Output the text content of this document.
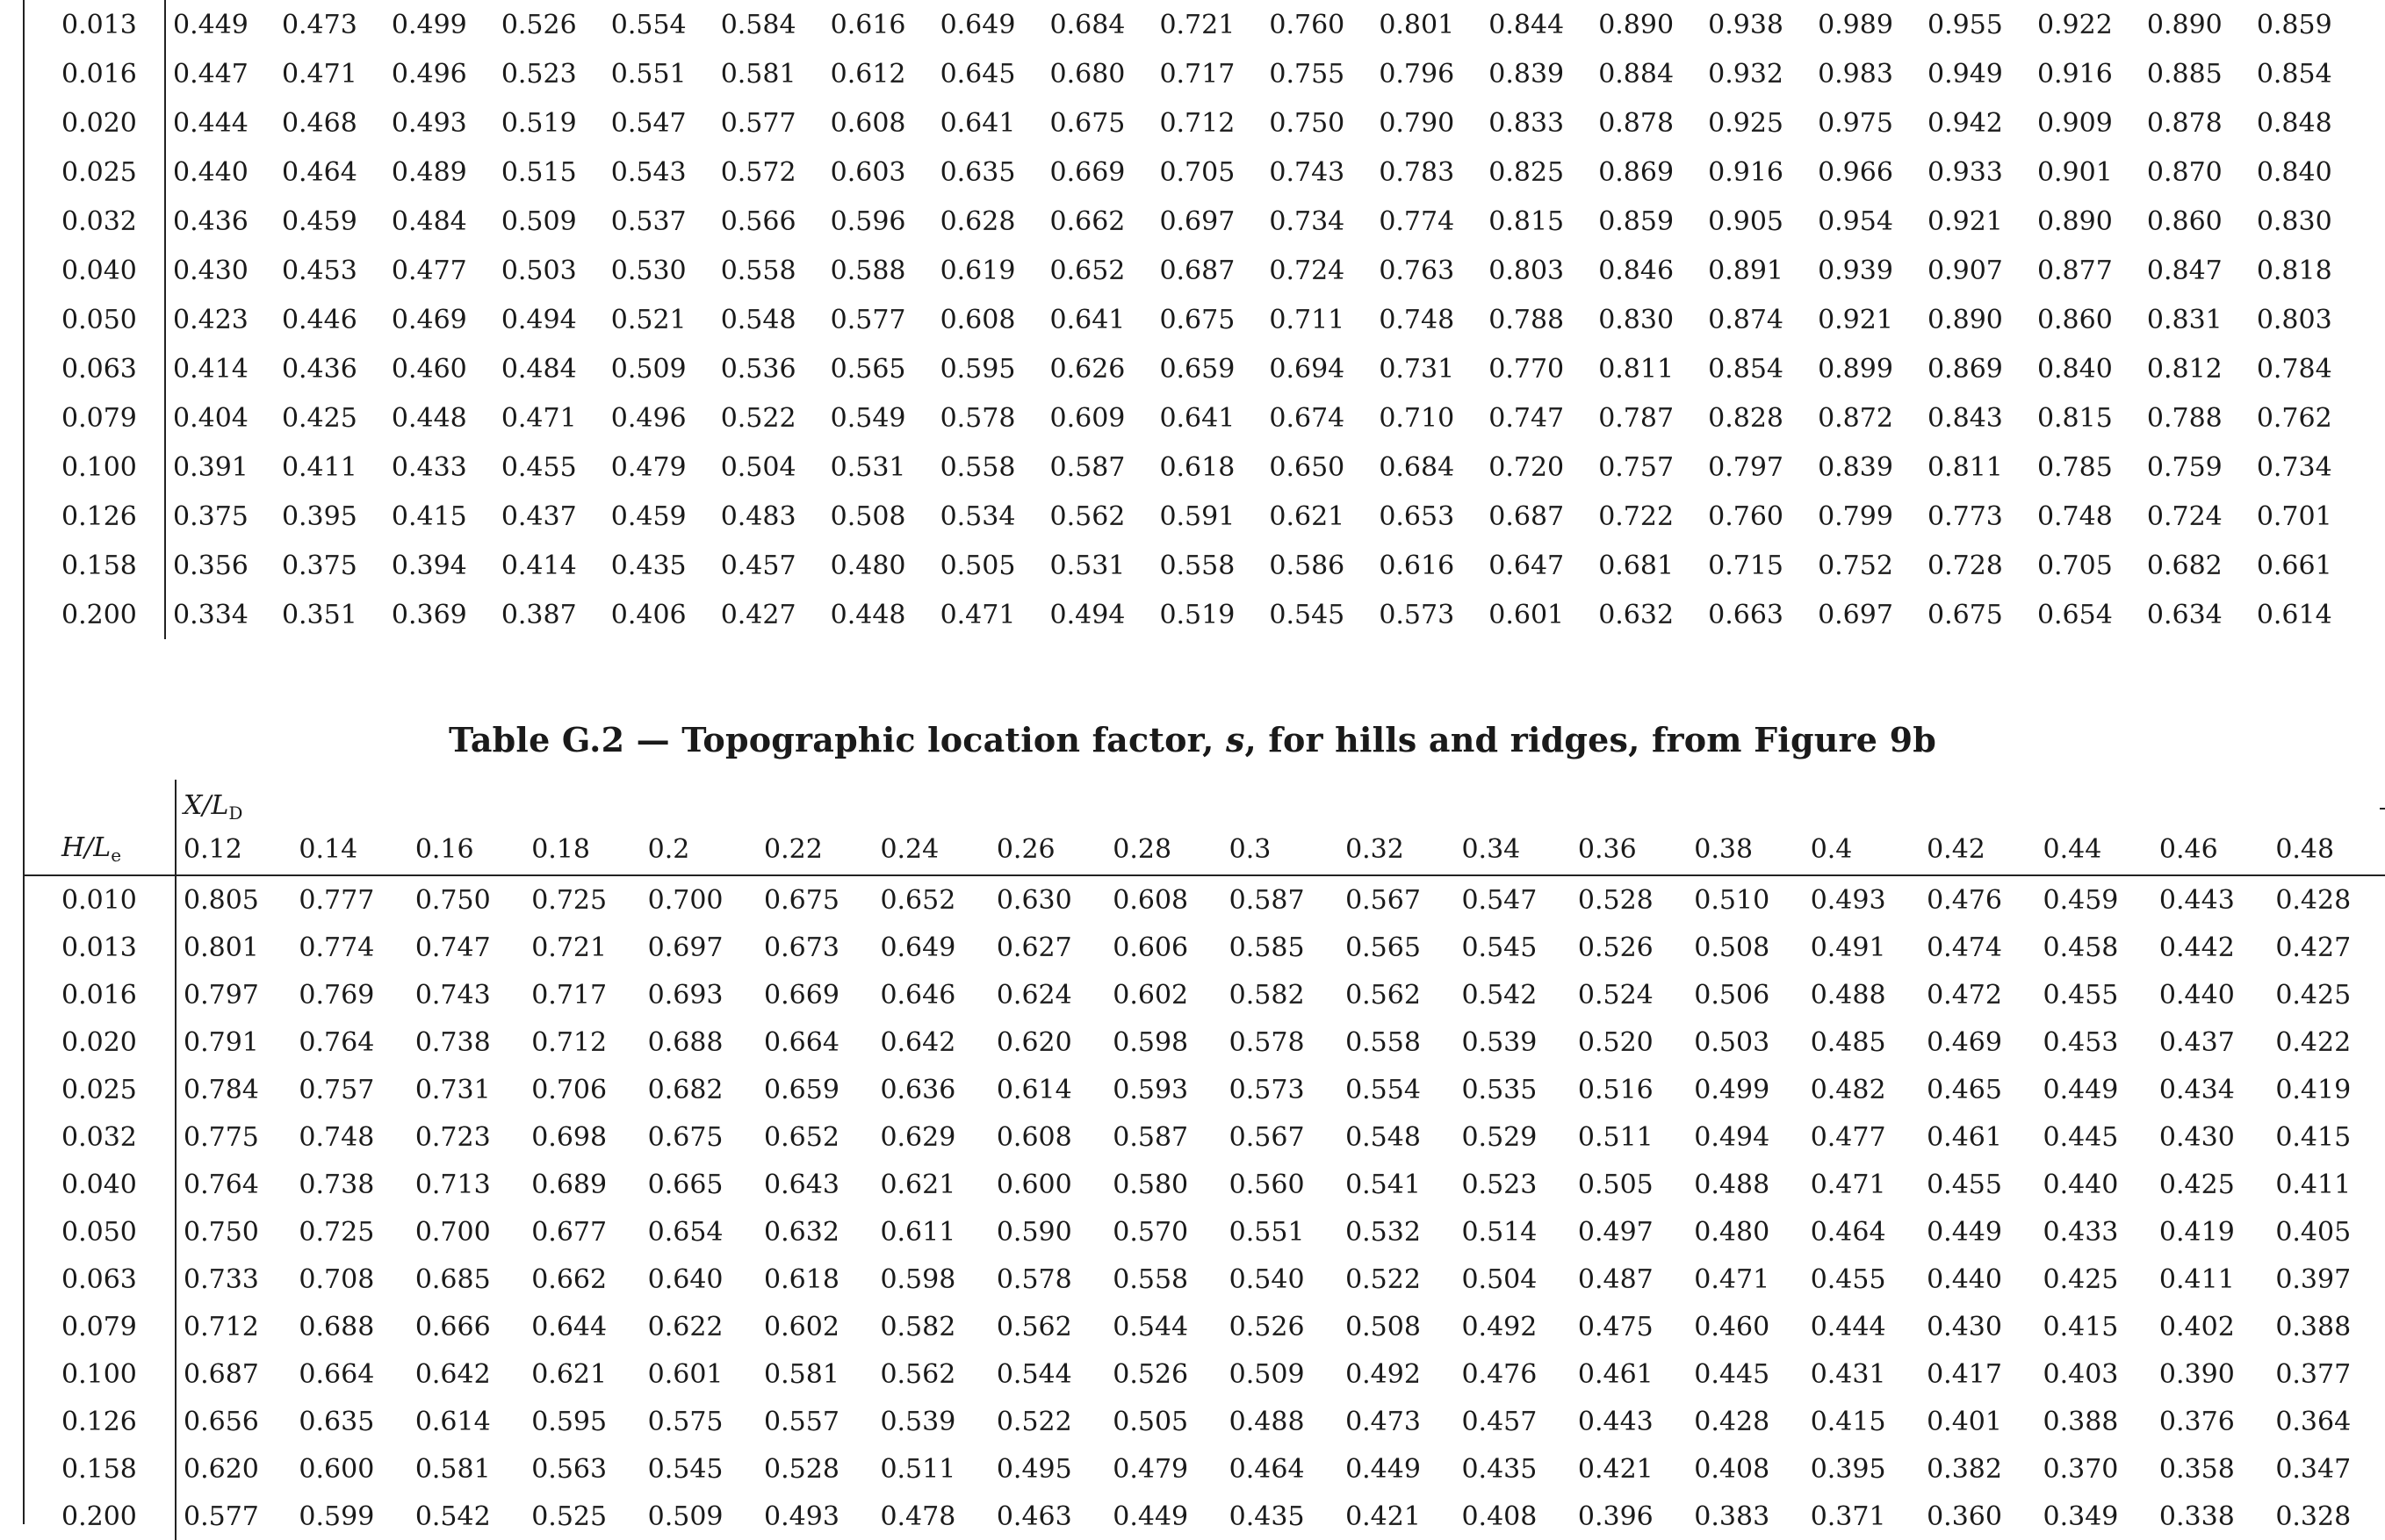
0.013	0.449	0.473	0.499	0.526	0.554	0.584	0.616	0.649	0.684	0.721	0.760	0.801	0.844	0.890	0.938	0.989	0.955	0.922	0.890	0.859
0.016	0.447	0.471	0.496	0.523	0.551	0.581	0.612	0.645	0.680	0.717	0.755	0.796	0.839	0.884	0.932	0.983	0.949	0.916	0.885	0.854
0.020	0.444	0.468	0.493	0.519	0.547	0.577	0.608	0.641	0.675	0.712	0.750	0.790	0.833	0.878	0.925	0.975	0.942	0.909	0.878	0.848
0.025	0.440	0.464	0.489	0.515	0.543	0.572	0.603	0.635	0.669	0.705	0.743	0.783	0.825	0.869	0.916	0.966	0.933	0.901	0.870	0.840
0.032	0.436	0.459	0.484	0.509	0.537	0.566	0.596	0.628	0.662	0.697	0.734	0.774	0.815	0.859	0.905	0.954	0.921	0.890	0.860	0.830
0.040	0.430	0.453	0.477	0.503	0.530	0.558	0.588	0.619	0.652	0.687	0.724	0.763	0.803	0.846	0.891	0.939	0.907	0.877	0.847	0.818
0.050	0.423	0.446	0.469	0.494	0.521	0.548	0.577	0.608	0.641	0.675	0.711	0.748	0.788	0.830	0.874	0.921	0.890	0.860	0.831	0.803
0.063	0.414	0.436	0.460	0.484	0.509	0.536	0.565	0.595	0.626	0.659	0.694	0.731	0.770	0.811	0.854	0.899	0.869	0.840	0.812	0.784
0.079	0.404	0.425	0.448	0.471	0.496	0.522	0.549	0.578	0.609	0.641	0.674	0.710	0.747	0.787	0.828	0.872	0.843	0.815	0.788	0.762
0.100	0.391	0.411	0.433	0.455	0.479	0.504	0.531	0.558	0.587	0.618	0.650	0.684	0.720	0.757	0.797	0.839	0.811	0.785	0.759	0.734
0.126	0.375	0.395	0.415	0.437	0.459	0.483	0.508	0.534	0.562	0.591	0.621	0.653	0.687	0.722	0.760	0.799	0.773	0.748	0.724	0.701
0.158	0.356	0.375	0.394	0.414	0.435	0.457	0.480	0.505	0.531	0.558	0.586	0.616	0.647	0.681	0.715	0.752	0.728	0.705	0.682	0.661
0.200	0.334	0.351	0.369	0.387	0.406	0.427	0.448	0.471	0.494	0.519	0.545	0.573	0.601	0.632	0.663	0.697	0.675	0.654	0.634	0.614
Table G.2 — Topographic location factor, s, for hills and ridges, from Figure 9b
	$X/L_D$
$H/L_e$	0.12	0.14	0.16	0.18	0.2	0.22	0.24	0.26	0.28	0.3	0.32	0.34	0.36	0.38	0.4	0.42	0.44	0.46	0.48
0.010	0.805	0.777	0.750	0.725	0.700	0.675	0.652	0.630	0.608	0.587	0.567	0.547	0.528	0.510	0.493	0.476	0.459	0.443	0.428
0.013	0.801	0.774	0.747	0.721	0.697	0.673	0.649	0.627	0.606	0.585	0.565	0.545	0.526	0.508	0.491	0.474	0.458	0.442	0.427
0.016	0.797	0.769	0.743	0.717	0.693	0.669	0.646	0.624	0.602	0.582	0.562	0.542	0.524	0.506	0.488	0.472	0.455	0.440	0.425
0.020	0.791	0.764	0.738	0.712	0.688	0.664	0.642	0.620	0.598	0.578	0.558	0.539	0.520	0.503	0.485	0.469	0.453	0.437	0.422
0.025	0.784	0.757	0.731	0.706	0.682	0.659	0.636	0.614	0.593	0.573	0.554	0.535	0.516	0.499	0.482	0.465	0.449	0.434	0.419
0.032	0.775	0.748	0.723	0.698	0.675	0.652	0.629	0.608	0.587	0.567	0.548	0.529	0.511	0.494	0.477	0.461	0.445	0.430	0.415
0.040	0.764	0.738	0.713	0.689	0.665	0.643	0.621	0.600	0.580	0.560	0.541	0.523	0.505	0.488	0.471	0.455	0.440	0.425	0.411
0.050	0.750	0.725	0.700	0.677	0.654	0.632	0.611	0.590	0.570	0.551	0.532	0.514	0.497	0.480	0.464	0.449	0.433	0.419	0.405
0.063	0.733	0.708	0.685	0.662	0.640	0.618	0.598	0.578	0.558	0.540	0.522	0.504	0.487	0.471	0.455	0.440	0.425	0.411	0.397
0.079	0.712	0.688	0.666	0.644	0.622	0.602	0.582	0.562	0.544	0.526	0.508	0.492	0.475	0.460	0.444	0.430	0.415	0.402	0.388
0.100	0.687	0.664	0.642	0.621	0.601	0.581	0.562	0.544	0.526	0.509	0.492	0.476	0.461	0.445	0.431	0.417	0.403	0.390	0.377
0.126	0.656	0.635	0.614	0.595	0.575	0.557	0.539	0.522	0.505	0.488	0.473	0.457	0.443	0.428	0.415	0.401	0.388	0.376	0.364
0.158	0.620	0.600	0.581	0.563	0.545	0.528	0.511	0.495	0.479	0.464	0.449	0.435	0.421	0.408	0.395	0.382	0.370	0.358	0.347
0.200	0.577	0.599	0.542	0.525	0.509	0.493	0.478	0.463	0.449	0.435	0.421	0.408	0.396	0.383	0.371	0.360	0.349	0.338	0.328
